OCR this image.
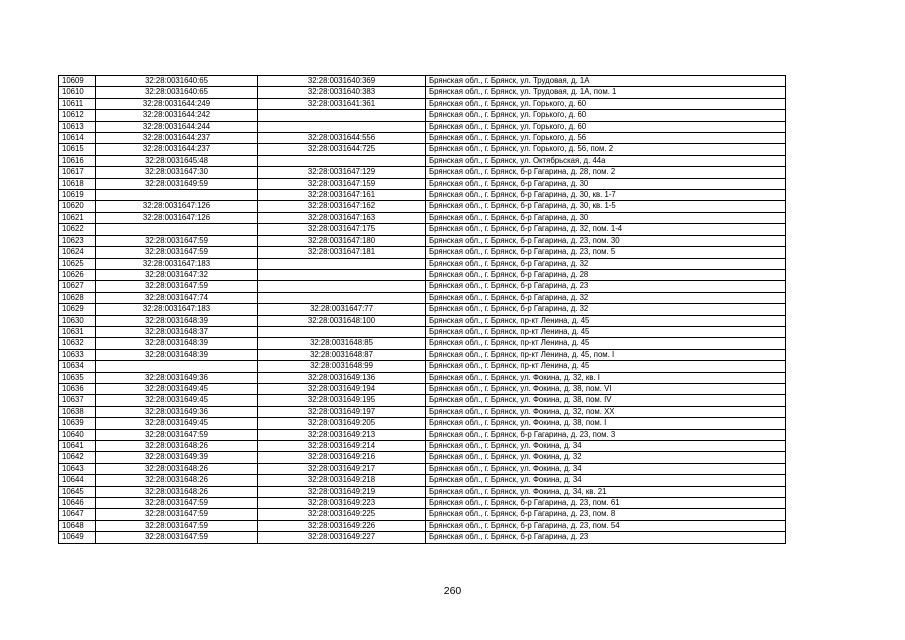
10609	32:28:0031640:65	32:28:0031640:369	Брянская обл., г. Брянск, ул. Трудовая, д. 1А
10610	32:28:0031640:65	32:28:0031640:383	Брянская обл., г. Брянск, ул. Трудовая, д. 1А, пом. 1
10611	32:28:0031644:249	32:28:0031641:361	Брянская обл., г. Брянск, ул. Горького, д. 60
10612	32:28:0031644:242		Брянская обл., г. Брянск, ул. Горького, д. 60
10613	32:28:0031644:244		Брянская обл., г. Брянск, ул. Горького, д. 60
10614	32:28:0031644:237	32:28:0031644:556	Брянская обл., г. Брянск, ул. Горького, д. 56
10615	32:28:0031644:237	32:28:0031644:725	Брянская обл., г. Брянск, ул. Горького, д. 56, пом. 2
10616	32:28:0031645:48		Брянская обл., г. Брянск, ул. Октябрьская, д. 44а
10617	32:28:0031647:30	32:28:0031647:129	Брянская обл., г. Брянск, б-р Гагарина, д. 28, пом. 2
10618	32:28:0031649:59	32:28:0031647:159	Брянская обл., г. Брянск, б-р Гагарина, д. 30
10619		32:28:0031647:161	Брянская обл., г. Брянск, б-р Гагарина, д. 30, кв. 1-7
10620	32:28:0031647:126	32:28:0031647:162	Брянская обл., г. Брянск, б-р Гагарина, д. 30, кв. 1-5
10621	32:28:0031647:126	32:28:0031647:163	Брянская обл., г. Брянск, б-р Гагарина, д. 30
10622		32:28:0031647:175	Брянская обл., г. Брянск, б-р Гагарина, д. 32, пом. 1-4
10623	32:28:0031647:59	32:28:0031647:180	Брянская обл., г. Брянск, б-р Гагарина, д. 23, пом. 30
10624	32:28:0031647:59	32:28:0031647:181	Брянская обл., г. Брянск, б-р Гагарина, д. 23, пом. 5
10625	32:28:0031647:183		Брянская обл., г. Брянск, б-р Гагарина, д. 32
10626	32:28:0031647:32		Брянская обл., г. Брянск, б-р Гагарина, д. 28
10627	32:28:0031647:59		Брянская обл., г. Брянск, б-р Гагарина, д. 23
10628	32:28:0031647:74		Брянская обл., г. Брянск, б-р Гагарина, д. 32
10629	32:28:0031647:183	32:28:0031647:77	Брянская обл., г. Брянск, б-р Гагарина, д. 32
10630	32:28:0031648:39	32:28:0031648:100	Брянская обл., г. Брянск, пр-кт Ленина, д. 45
10631	32:28:0031648:37		Брянская обл., г. Брянск, пр-кт Ленина, д. 45
10632	32:28:0031648:39	32:28:0031648:85	Брянская обл., г. Брянск, пр-кт Ленина, д. 45
10633	32:28:0031648:39	32:28:0031648:87	Брянская обл., г. Брянск, пр-кт Ленина, д. 45, пом. I
10634		32:28:0031648:99	Брянская обл., г. Брянск, пр-кт Ленина, д. 45
10635	32:28:0031649:36	32:28:0031649:136	Брянская обл., г. Брянск, ул. Фокина, д. 32, кв. I
10636	32:28:0031649:45	32:28:0031649:194	Брянская обл., г. Брянск, ул. Фокина, д. 38, пом. VI
10637	32:28:0031649:45	32:28:0031649:195	Брянская обл., г. Брянск, ул. Фокина, д. 38, пом. IV
10638	32:28:0031649:36	32:28:0031649:197	Брянская обл., г. Брянск, ул. Фокина, д. 32, пом. XX
10639	32:28:0031649:45	32:28:0031649:205	Брянская обл., г. Брянск, ул. Фокина, д. 38, пом. I
10640	32:28:0031647:59	32:28:0031649:213	Брянская обл., г. Брянск, б-р Гагарина, д. 23, пом. 3
10641	32:28:0031648:26	32:28:0031649:214	Брянская обл., г. Брянск, ул. Фокина, д. 34
10642	32:28:0031649:39	32:28:0031649:216	Брянская обл., г. Брянск, ул. Фокина, д. 32
10643	32:28:0031648:26	32:28:0031649:217	Брянская обл., г. Брянск, ул. Фокина, д. 34
10644	32:28:0031648:26	32:28:0031649:218	Брянская обл., г. Брянск, ул. Фокина, д. 34
10645	32:28:0031648:26	32:28:0031649:219	Брянская обл., г. Брянск, ул. Фокина, д. 34, кв. 21
10646	32:28:0031647:59	32:28:0031649:223	Брянская обл., г. Брянск, б-р Гагарина, д. 23, пом. 61
10647	32:28:0031647:59	32:28:0031649:225	Брянская обл., г. Брянск, б-р Гагарина, д. 23, пом. 8
10648	32:28:0031647:59	32:28:0031649:226	Брянская обл., г. Брянск, б-р Гагарина, д. 23, пом. 54
10649	32:28:0031647:59	32:28:0031649:227	Брянская обл., г. Брянск, б-р Гагарина, д. 23
260
